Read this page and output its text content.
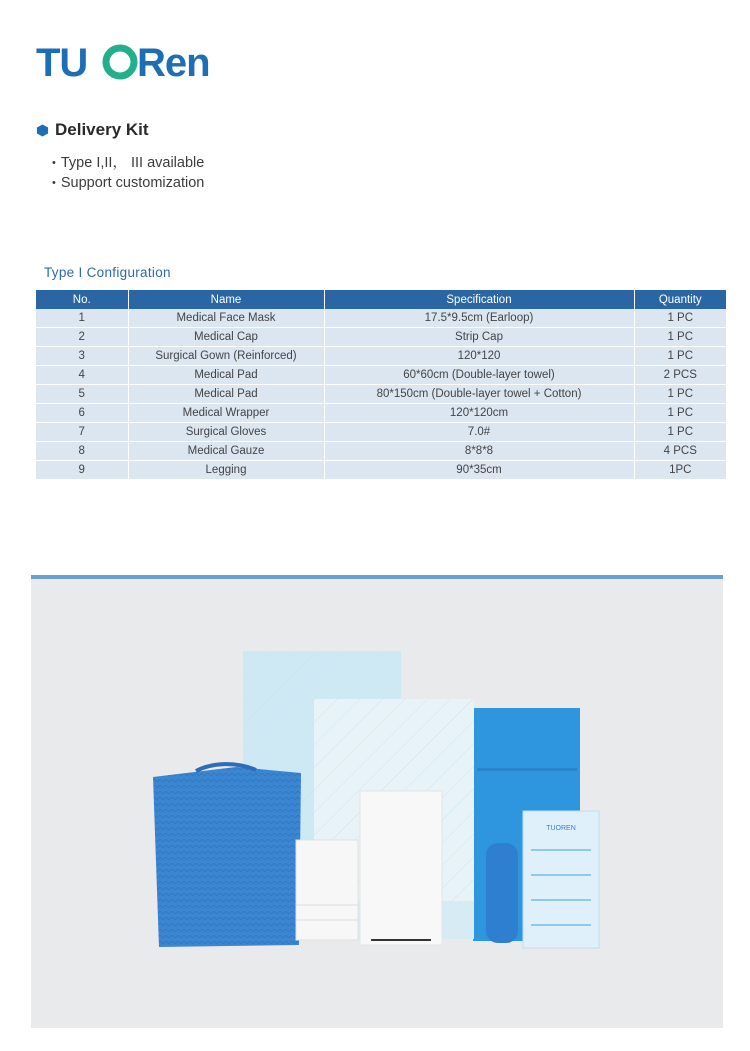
TU Ren
Delivery Kit
• Type I,II， III available
• Support customization
Type I Configuration
No.	Name	Specification	Quantity
1	Medical Face Mask	17.5*9.5cm (Earloop)	1 PC
2	Medical Cap	Strip Cap	1 PC
3	Surgical Gown (Reinforced)	120*120	1 PC
4	Medical Pad	60*60cm (Double-layer towel)	2 PCS
5	Medical Pad	80*150cm (Double-layer towel + Cotton)	1 PC
6	Medical Wrapper	120*120cm	1 PC
7	Surgical Gloves	7.0#	1 PC
8	Medical Gauze	8*8*8	4 PCS
9	Legging	90*35cm	1PC
TUOREN
